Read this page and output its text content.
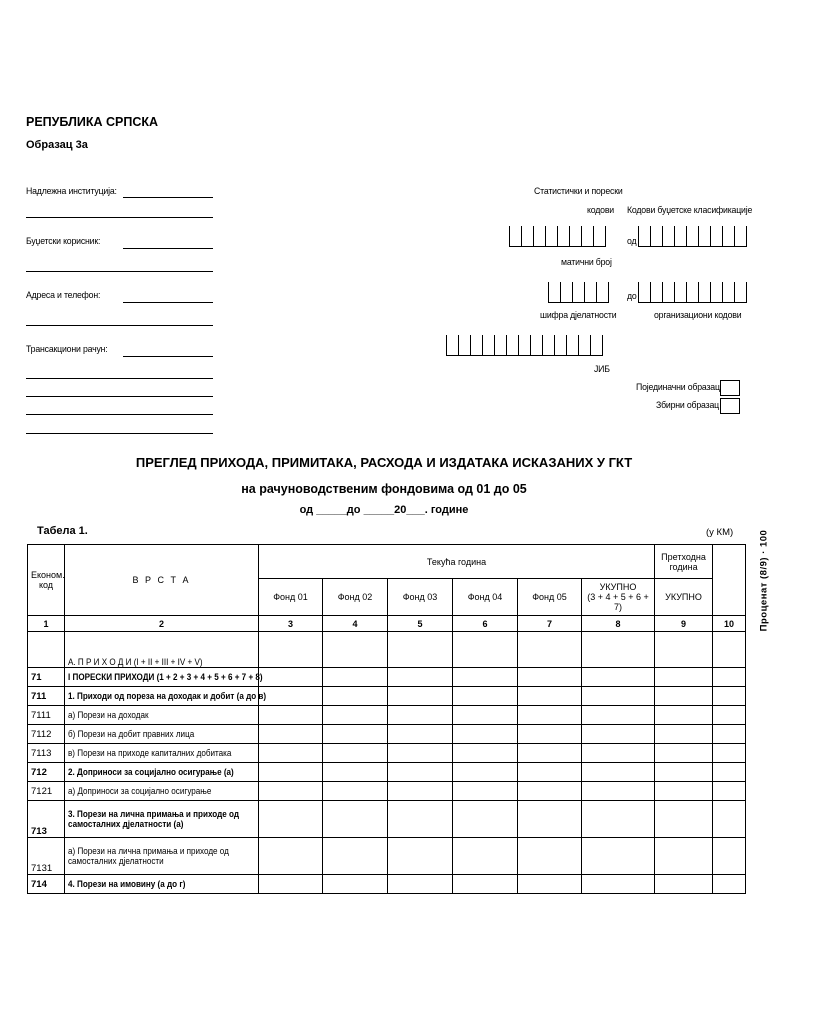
РЕПУБЛИКА СРПСКА
Образац 3а
Надлежна институција:
Буџетски корисник:
Адреса и телефон:
Трансакциони рачун:
Статистички и порески
кодови Кодови буџетске класификације
матични број
од
шифра дјелатности
до
организациони кодови
ЈИБ
Појединачни образац
Збирни образац
ПРЕГЛЕД ПРИХОДА, ПРИМИТАКА, РАСХОДА И ИЗДАТАКА ИСКАЗАНИХ У ГКТ
на рачуноводственим фондовима од 01 до 05
од _____до _____20___. године
Табела 1.	(у КМ)
Економ. код	В Р С Т А	Текућа година						Претходна година	Проценат (8/9) · 100
		Фонд 01	Фонд 02	Фонд 03	Фонд 04	Фонд 05	УКУПНО
(3 + 4 + 5 + 6 + 7)	УКУПНО	
1	2	3	4	5	6	7	8	9	10
	А. П Р И Х О Д И (I + II + III + IV + V)								
71	I ПОРЕСКИ ПРИХОДИ (1 + 2 + 3 + 4 + 5 + 6 + 7 + 8)								
711	1. Приходи од пореза на доходак и добит (а до в)								
7111	а) Порези на доходак								
7112	б) Порези на добит правних лица								
7113	в) Порези на приходе капиталних добитака								
712	2. Доприноси за социјално осигурање (а)								
7121	а) Доприноси за социјално осигурање								
713	3. Порези на лична примања и приходе од
самосталних дјелатности (а)								
7131	а) Порези на лична примања и приходе од
самосталних дјелатности								
714	4. Порези на имовину (а до г)								
